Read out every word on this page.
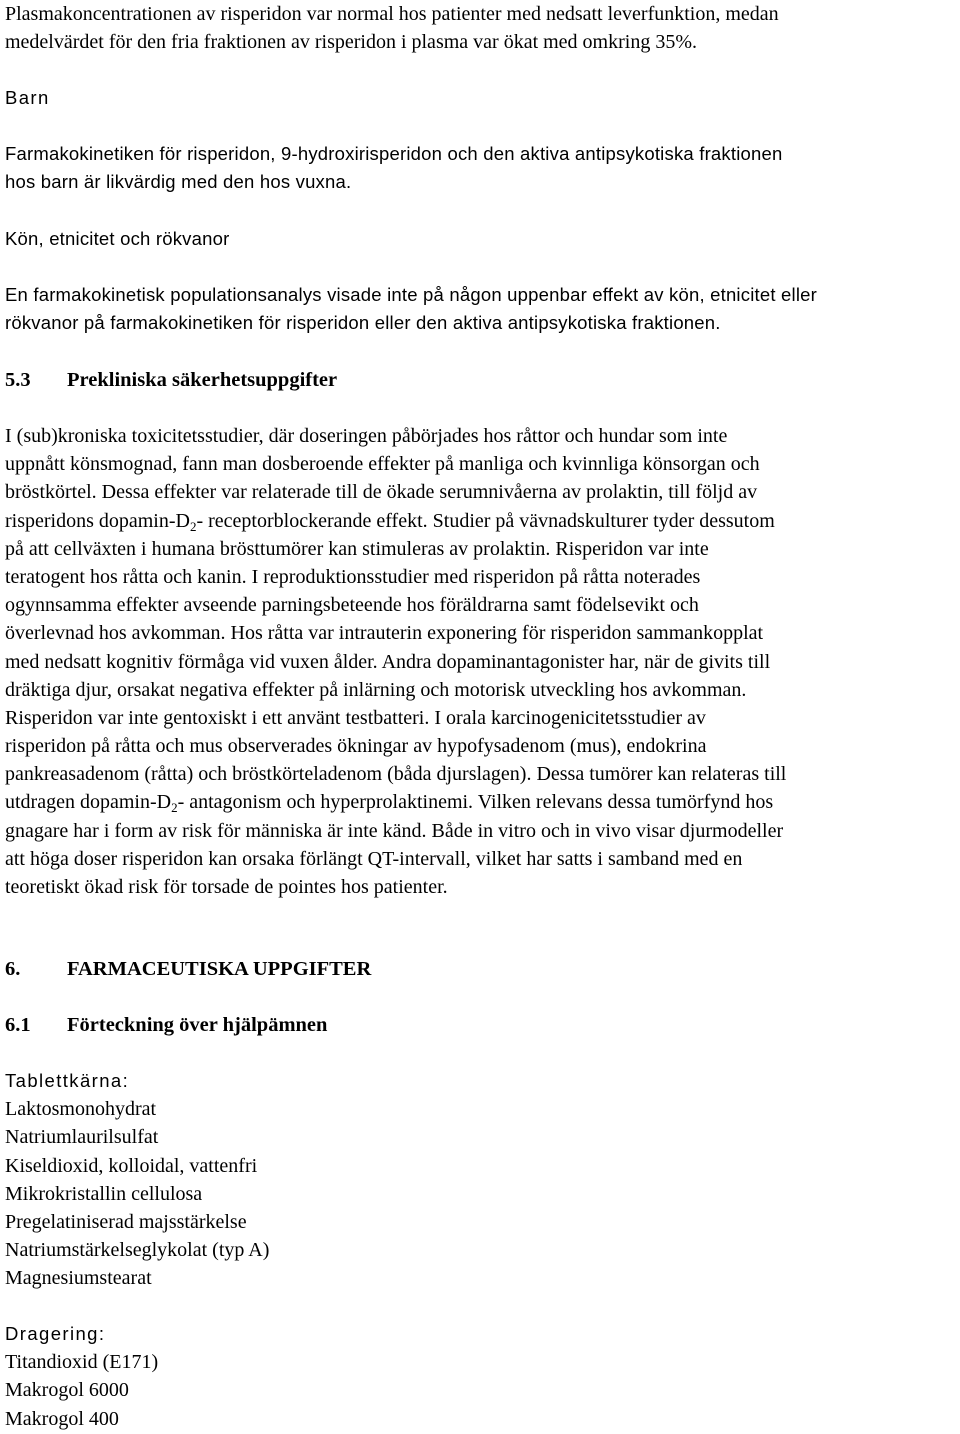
Plasmakoncentrationen av risperidon var normal hos patienter med nedsatt leverfunktion, medan
medelvärdet för den fria fraktionen av risperidon i plasma var ökat med omkring 35%.
Barn
Farmakokinetiken för risperidon, 9-hydroxirisperidon och den aktiva antipsykotiska fraktionen
hos barn är likvärdig med den hos vuxna.
Kön, etnicitet och rökvanor
En farmakokinetisk populationsanalys visade inte på någon uppenbar effekt av kön, etnicitet eller
rökvanor på farmakokinetiken för risperidon eller den aktiva antipsykotiska fraktionen.
5.3 Prekliniska säkerhetsuppgifter
I (sub)kroniska toxicitetsstudier, där doseringen påbörjades hos råttor och hundar som inte
uppnått könsmognad, fann man dosberoende effekter på manliga och kvinnliga könsorgan och
bröstkörtel. Dessa effekter var relaterade till de ökade serumnivåerna av prolaktin, till följd av
risperidons dopamin-$D_2-$ receptorblockerande effekt. Studier på vävnadskulturer tyder dessutom
på att cellväxten i humana brösttumörer kan stimuleras av prolaktin. Risperidon var inte
teratogent hos råtta och kanin. I reproduktionsstudier med risperidon på råtta noterades
ogynnsamma effekter avseende parningsbeteende hos föräldrarna samt födelsevikt och
överlevnad hos avkomman. Hos råtta var intrauterin exponering för risperidon sammankopplat
med nedsatt kognitiv förmåga vid vuxen ålder. Andra dopaminantagonister har, när de givits till
dräktiga djur, orsakat negativa effekter på inlärning och motorisk utveckling hos avkomman.
Risperidon var inte gentoxiskt i ett använt testbatteri. I orala karcinogenicitetsstudier av
risperidon på råtta och mus observerades ökningar av hypofysadenom (mus), endokrina
pankreasadenom (råtta) och bröstkörteladenom (båda djurslagen). Dessa tumörer kan relateras till
utdragen dopamin-$D_2-$ antagonism och hyperprolaktinemi. Vilken relevans dessa tumörfynd hos
gnagare har i form av risk för människa är inte känd. Både in vitro och in vivo visar djurmodeller
att höga doser risperidon kan orsaka förlängt QT-intervall, vilket har satts i samband med en
teoretiskt ökad risk för torsade de pointes hos patienter.
6. FARMACEUTISKA UPPGIFTER
6.1 Förteckning över hjälpämnen
Tablettkärna:
Laktosmonohydrat
Natriumlaurilsulfat
Kiseldioxid, kolloidal, vattenfri
Mikrokristallin cellulosa
Pregelatiniserad majsstärkelse
Natriumstärkelseglykolat (typ A)
Magnesiumstearat
Dragering:
Titandioxid (E171)
Makrogol 6000
Makrogol 400
